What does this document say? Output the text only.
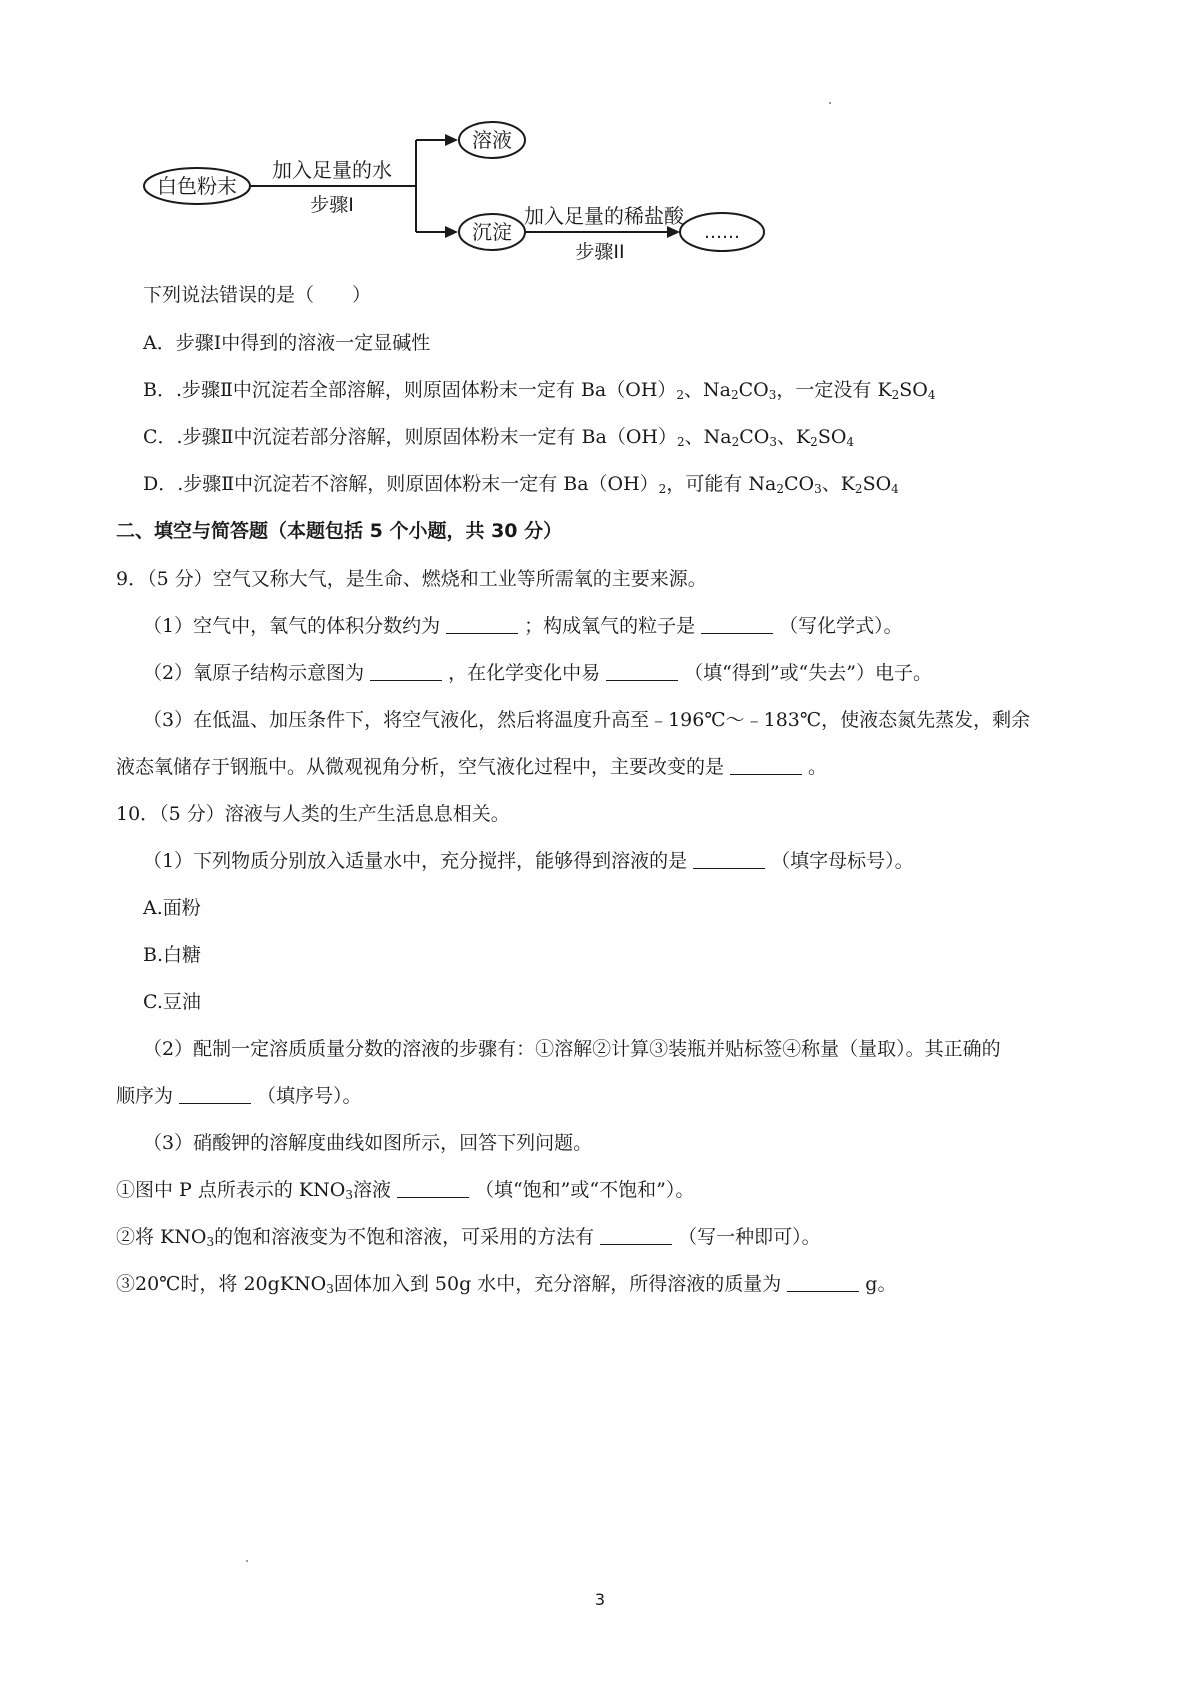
白色粉末
加入足量的水
步骤I
溶液
沉淀
加入足量的稀盐酸
步骤II
……
下列说法错误的是（　　）
A．步骤Ⅰ中得到的溶液一定显碱性
B．.步骤Ⅱ中沉淀若全部溶解，则原固体粉末一定有 $Ba(OH)_2$、$Na_2CO_3$，一定没有 $K_2SO_4$
C．.步骤Ⅱ中沉淀若部分溶解，则原固体粉末一定有 $Ba(OH)_2$、$Na_2CO_3$、$K_2SO_4$
D．.步骤Ⅱ中沉淀若不溶解，则原固体粉末一定有 $Ba(OH)_2$，可能有 $Na_2CO_3$、$K_2SO_4$
二、填空与简答题（本题包括 5 个小题，共 30 分）
9．（5 分）空气又称大气，是生命、燃烧和工业等所需氧的主要来源。
（1）空气中，氧气的体积分数约为	；构成氧气的粒子是	（写化学式）。
（2）氧原子结构示意图为	，在化学变化中易	（填“得到”或“失去”）电子。
（3）在低温、加压条件下，将空气液化，然后将温度升高至﹣196℃～﹣183℃，使液态氮先蒸发，剩余
液态氧储存于钢瓶中。从微观视角分析，空气液化过程中，主要改变的是	。
10．（5 分）溶液与人类的生产生活息息相关。
（1）下列物质分别放入适量水中，充分搅拌，能够得到溶液的是	（填字母标号）。
A.面粉
B.白糖
C.豆油
（2）配制一定溶质质量分数的溶液的步骤有：①溶解②计算③装瓶并贴标签④称量（量取）。其正确的
顺序为	（填序号）。
（3）硝酸钾的溶解度曲线如图所示，回答下列问题。
①图中 P 点所表示的 $KNO_3$溶液	（填“饱和”或“不饱和”）。
②将 $KNO_3$的饱和溶液变为不饱和溶液，可采用的方法有	（写一种即可）。
③20℃时，将 20gKNO$_3$固体加入到 50g 水中，充分溶解，所得溶液的质量为	g。
3
